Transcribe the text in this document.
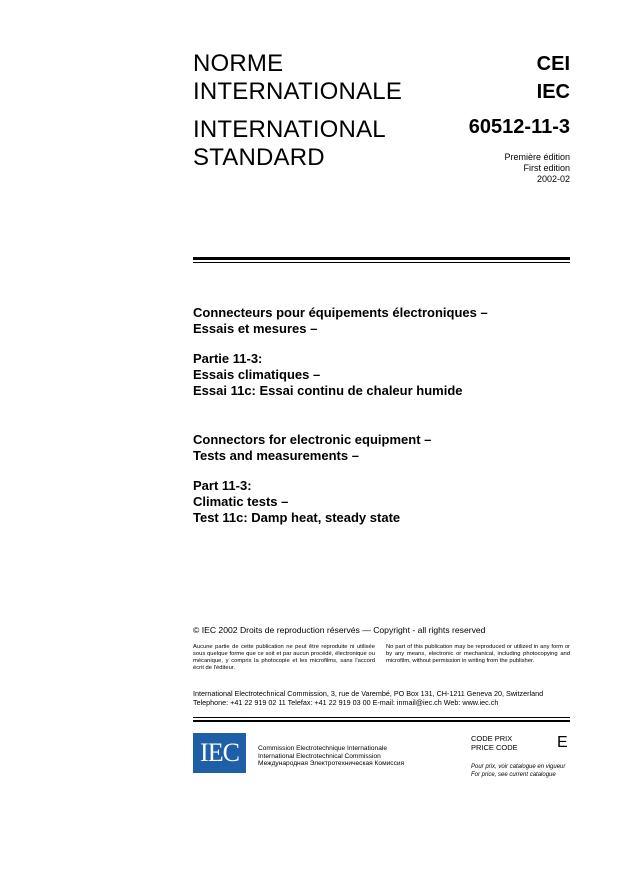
NORME
INTERNATIONALE
INTERNATIONAL
STANDARD
CEI
IEC
60512-11-3
Première édition
First edition
2002-02
Connecteurs pour équipements électroniques –
Essais et mesures –
Partie 11-3:
Essais climatiques –
Essai 11c: Essai continu de chaleur humide
Connectors for electronic equipment –
Tests and measurements –
Part 11-3:
Climatic tests –
Test 11c: Damp heat, steady state
© IEC 2002 Droits de reproduction réservés — Copyright - all rights reserved
Aucune partie de cette publication ne peut être reproduite ni utilisée sous quelque forme que ce soit et par aucun procédé, électronique ou mécanique, y compris la photocopie et les microfilms, sans l'accord écrit de l'éditeur.
No part of this publication may be reproduced or utilized in any form or by any means, electronic or mechanical, including photocopying and microfilm, without permission in writing from the publisher.
International Electrotechnical Commission, 3, rue de Varembé, PO Box 131, CH-1211 Geneva 20, Switzerland
Telephone: +41 22 919 02 11 Telefax: +41 22 919 03 00 E-mail: inmail@iec.ch Web: www.iec.ch
IEC	Commission Electrotechnique Internationale
International Electrotechnical Commission
Международная Электротехническая Комиссия
CODE PRIX
PRICE CODE E
Pour prix, voir catalogue en vigueur
For price, see current catalogue
